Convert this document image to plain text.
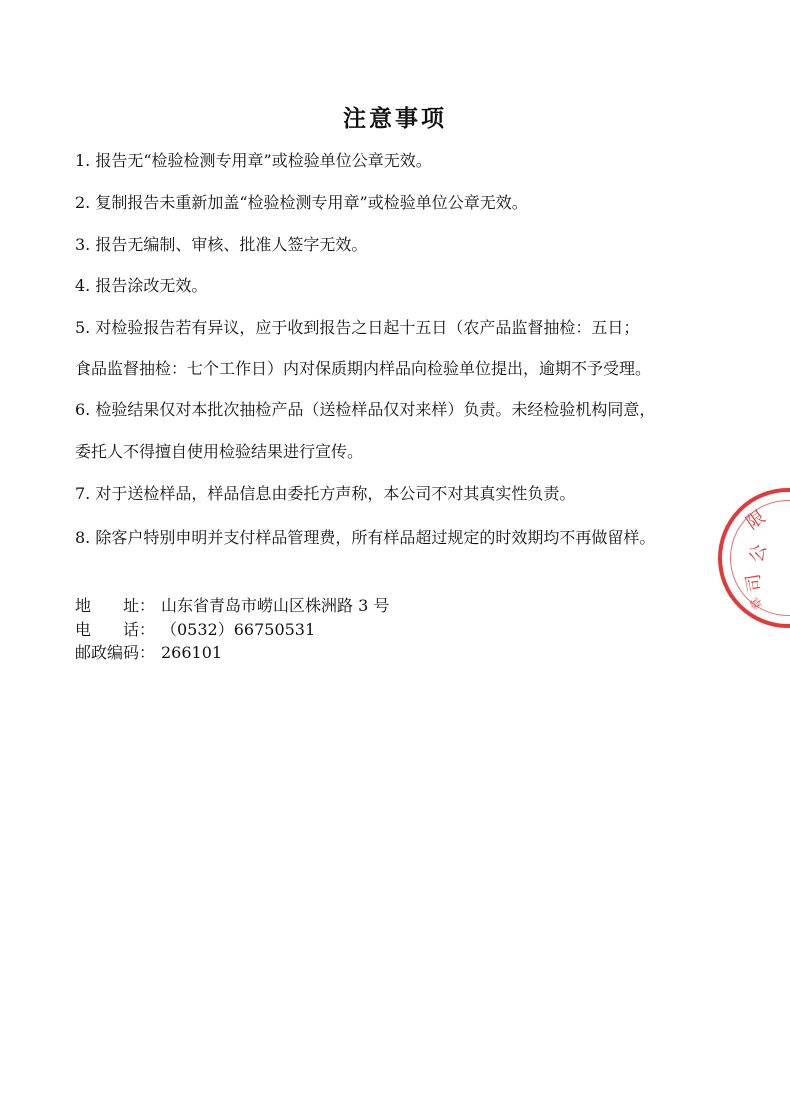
注意事项
1. 报告无“检验检测专用章”或检验单位公章无效。
2. 复制报告未重新加盖“检验检测专用章”或检验单位公章无效。
3. 报告无编制、审核、批准人签字无效。
4. 报告涂改无效。
5. 对检验报告若有异议，应于收到报告之日起十五日（农产品监督抽检：五日；
食品监督抽检：七个工作日）内对保质期内样品向检验单位提出，逾期不予受理。
6. 检验结果仅对本批次抽检产品（送检样品仅对来样）负责。未经检验机构同意，
委托人不得擅自使用检验结果进行宣传。
7. 对于送检样品，样品信息由委托方声称，本公司不对其真实性负责。
8. 除客户特别申明并支付样品管理费，所有样品超过规定的时效期均不再做留样。
地　　址： 山东省青岛市崂山区株洲路 3 号
电　　话： （0532）66750531
邮政编码： 266101
限
公
司
章
